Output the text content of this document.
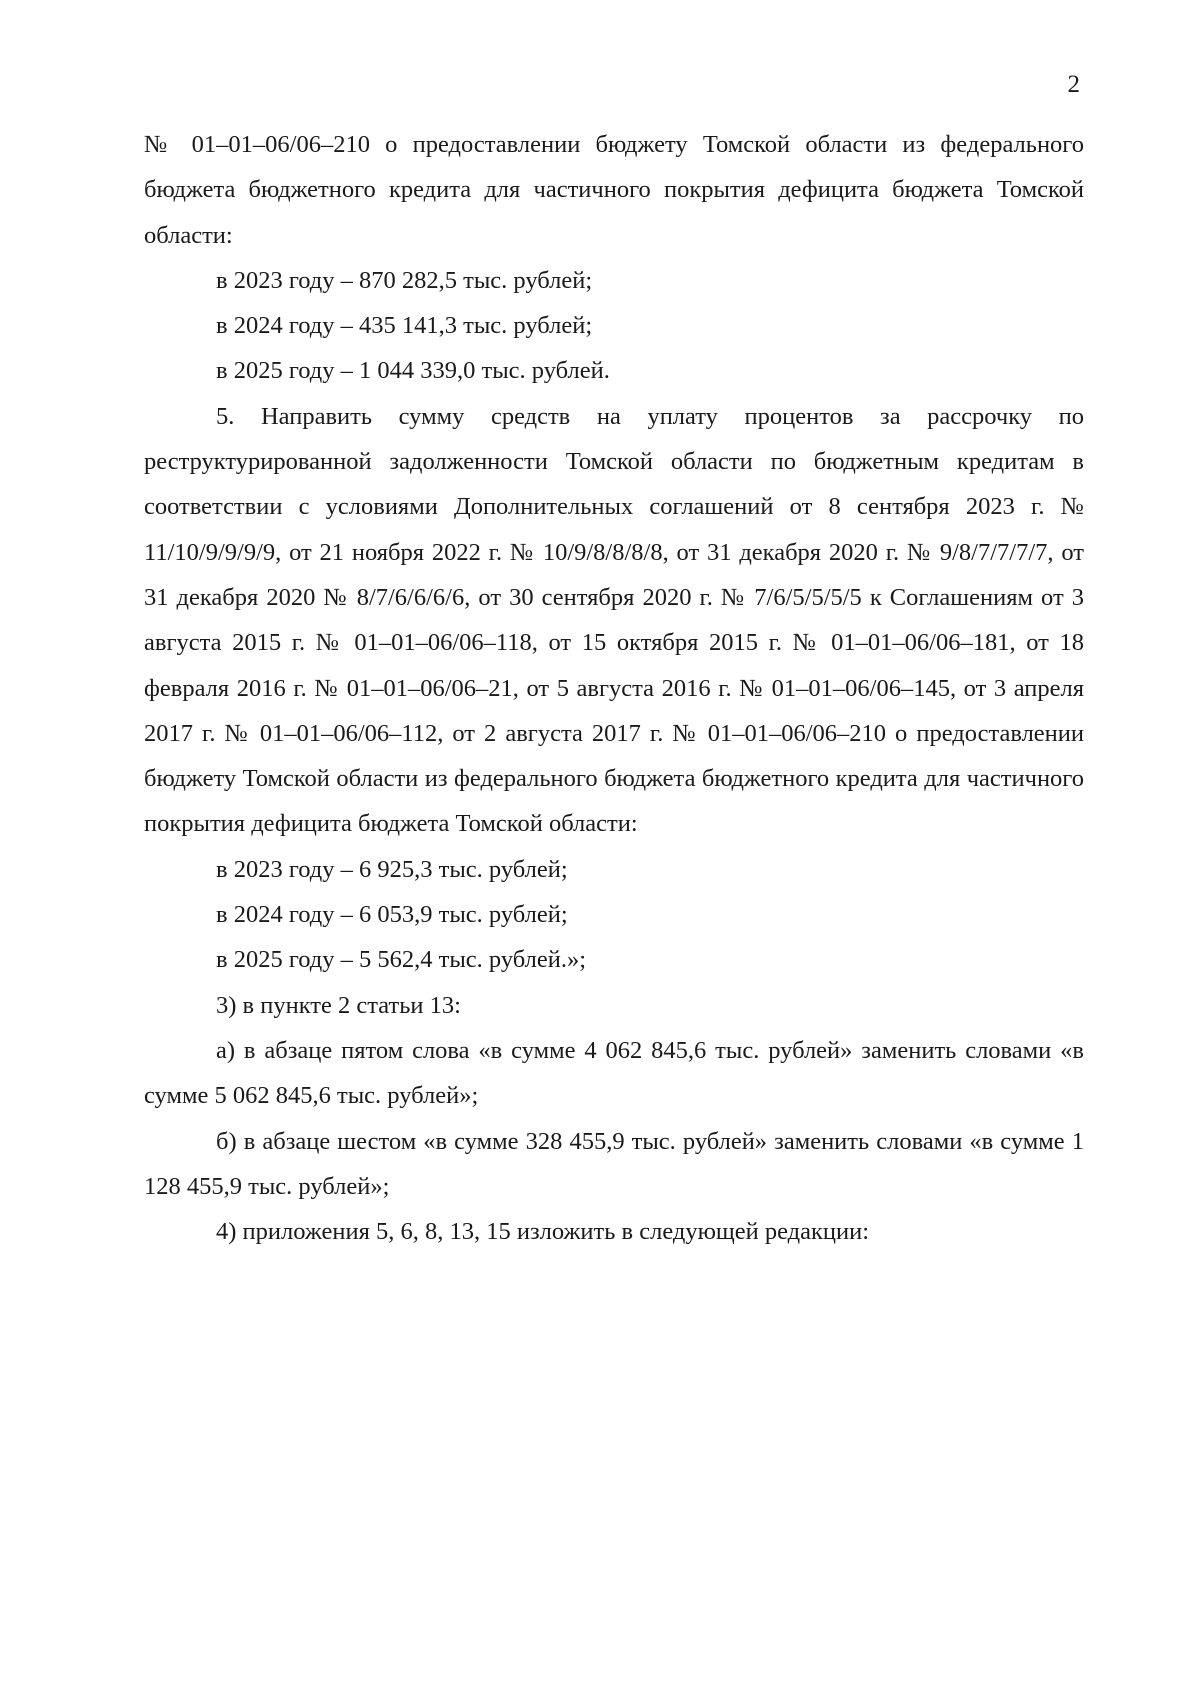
2

№ 01–01–06/06–210 о предоставлении бюджету Томской области из федерального бюджета бюджетного кредита для частичного покрытия дефицита бюджета Томской области:

в 2023 году – 870 282,5 тыс. рублей;

в 2024 году – 435 141,3 тыс. рублей;

в 2025 году – 1 044 339,0 тыс. рублей.

5. Направить сумму средств на уплату процентов за рассрочку по реструктурированной задолженности Томской области по бюджетным кредитам в соответствии с условиями Дополнительных соглашений от 8 сентября 2023 г. № 11/10/9/9/9/9, от 21 ноября 2022 г. № 10/9/8/8/8/8, от 31 декабря 2020 г. № 9/8/7/7/7/7, от 31 декабря 2020 № 8/7/6/6/6/6, от 30 сентября 2020 г. № 7/6/5/5/5/5 к Соглашениям от 3 августа 2015 г. № 01–01–06/06–118, от 15 октября 2015 г. № 01–01–06/06–181, от 18 февраля 2016 г. № 01–01–06/06–21, от 5 августа 2016 г. № 01–01–06/06–145, от 3 апреля 2017 г. № 01–01–06/06–112, от 2 августа 2017 г. № 01–01–06/06–210 о предоставлении бюджету Томской области из федерального бюджета бюджетного кредита для частичного покрытия дефицита бюджета Томской области:

в 2023 году – 6 925,3 тыс. рублей;

в 2024 году – 6 053,9 тыс. рублей;

в 2025 году – 5 562,4 тыс. рублей.»;

3) в пункте 2 статьи 13:

а) в абзаце пятом слова «в сумме 4 062 845,6 тыс. рублей» заменить словами «в сумме 5 062 845,6 тыс. рублей»;

б) в абзаце шестом «в сумме 328 455,9 тыс. рублей» заменить словами «в сумме 1 128 455,9 тыс. рублей»;

4) приложения 5, 6, 8, 13, 15 изложить в следующей редакции:
